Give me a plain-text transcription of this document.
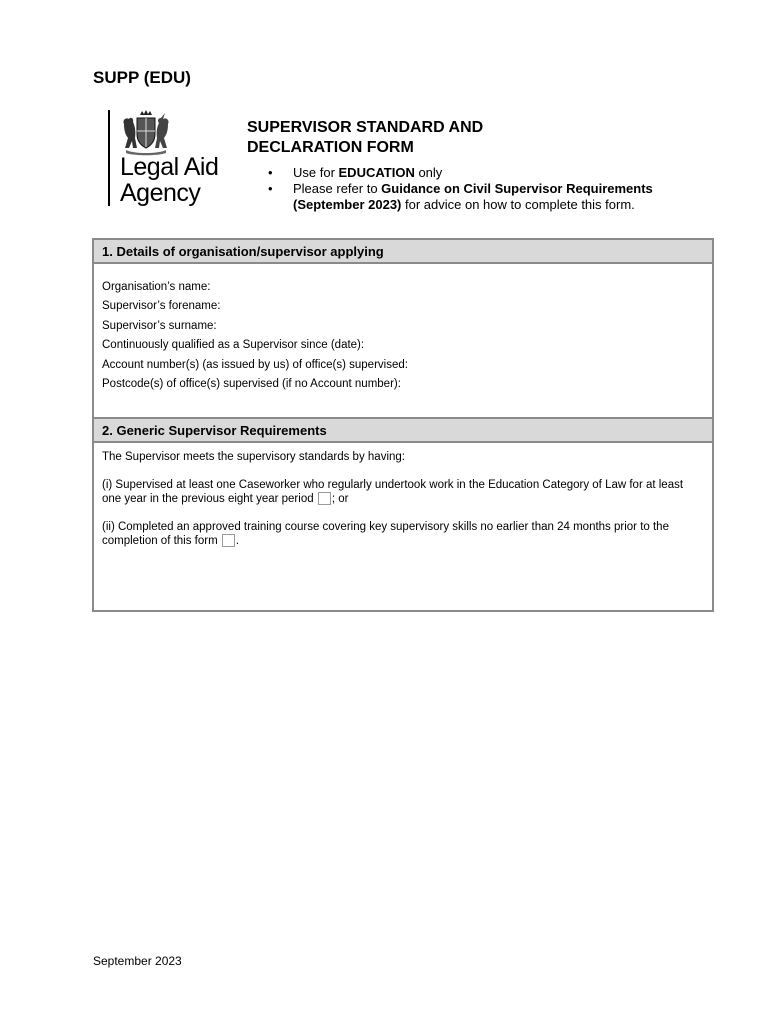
SUPP (EDU)
Legal Aid
Agency
SUPERVISOR STANDARD AND
DECLARATION FORM
• Use for EDUCATION only
• Please refer to Guidance on Civil Supervisor Requirements (September 2023) for advice on how to complete this form.
1. Details of organisation/supervisor applying
Organisation’s name:
Supervisor’s forename:
Supervisor’s surname:
Continuously qualified as a Supervisor since (date):
Account number(s) (as issued by us) of office(s) supervised:
Postcode(s) of office(s) supervised (if no Account number):
2. Generic Supervisor Requirements

The Supervisor meets the supervisory standards by having:

(i) Supervised at least one Caseworker who regularly undertook work in the Education Category of Law for at least one year in the previous eight year period ; or

(ii) Completed an approved training course covering key supervisory skills no earlier than 24 months prior to the completion of this form .

September 2023
